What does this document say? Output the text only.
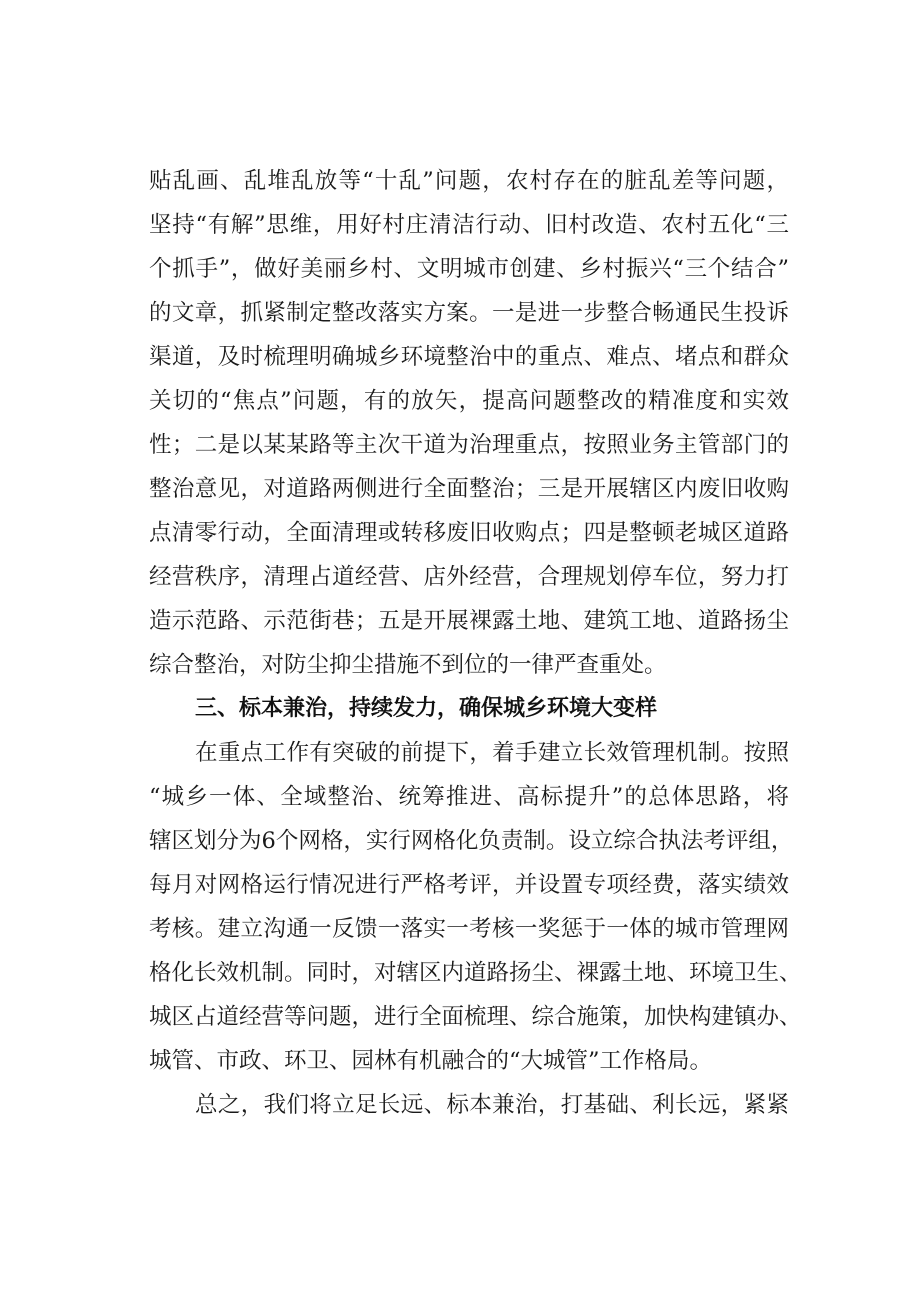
贴乱画、乱堆乱放等“十乱”问题，农村存在的脏乱差等问题，
坚持“有解”思维，用好村庄清洁行动、旧村改造、农村五化“三
个抓手”，做好美丽乡村、文明城市创建、乡村振兴“三个结合”
的文章，抓紧制定整改落实方案。一是进一步整合畅通民生投诉
渠道，及时梳理明确城乡环境整治中的重点、难点、堵点和群众
关切的“焦点”问题，有的放矢，提高问题整改的精准度和实效
性；二是以某某路等主次干道为治理重点，按照业务主管部门的
整治意见，对道路两侧进行全面整治；三是开展辖区内废旧收购
点清零行动，全面清理或转移废旧收购点；四是整顿老城区道路
经营秩序，清理占道经营、店外经营，合理规划停车位，努力打
造示范路、示范街巷；五是开展裸露土地、建筑工地、道路扬尘
综合整治，对防尘抑尘措施不到位的一律严查重处。
三、标本兼治，持续发力，确保城乡环境大变样
在重点工作有突破的前提下，着手建立长效管理机制。按照
“城乡一体、全域整治、统筹推进、高标提升”的总体思路，将
辖区划分为6个网格，实行网格化负责制。设立综合执法考评组，
每月对网格运行情况进行严格考评，并设置专项经费，落实绩效
考核。建立沟通一反馈一落实一考核一奖惩于一体的城市管理网
格化长效机制。同时，对辖区内道路扬尘、裸露土地、环境卫生、
城区占道经营等问题，进行全面梳理、综合施策，加快构建镇办、
城管、市政、环卫、园林有机融合的“大城管”工作格局。
总之，我们将立足长远、标本兼治，打基础、利长远，紧紧
